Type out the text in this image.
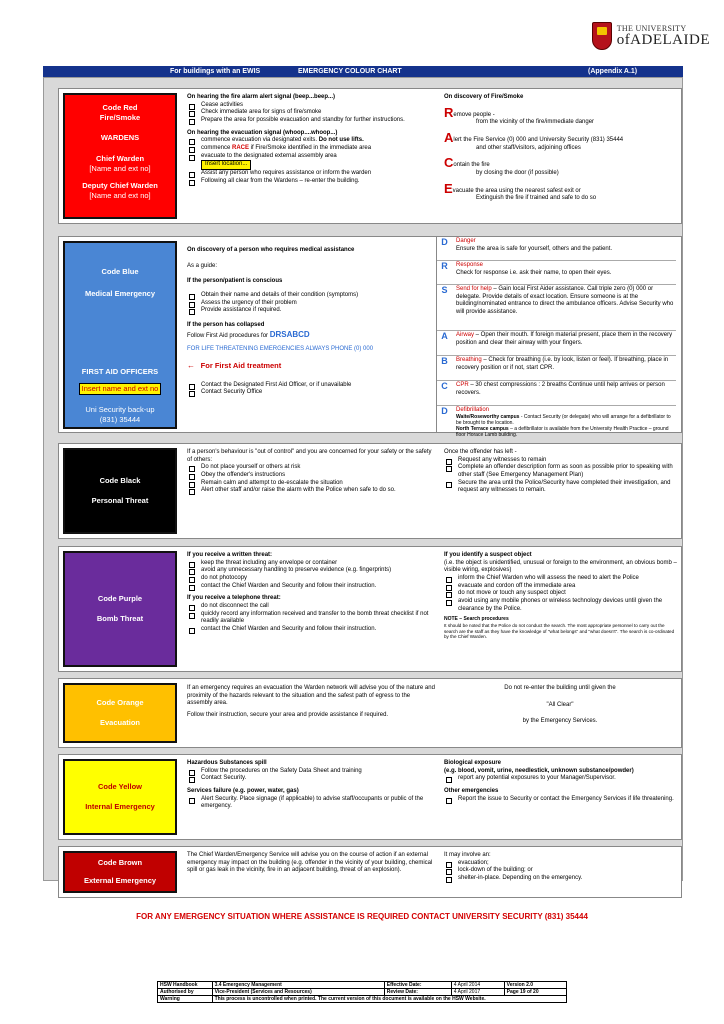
THE UNIVERSITY
ofADELAIDE
For buildings with an EWIS	EMERGENCY COLOUR CHART	(Appendix A.1)
Code Red
Fire/Smoke
WARDENS
Chief Warden
[Name and ext no]
Deputy Chief Warden
[Name and ext no]
On hearing the fire alarm alert signal (beep...beep...)
Cease activities
Check immediate area for signs of fire/smoke
Prepare the area for possible evacuation and standby for further instructions.
On hearing the evacuation signal (whoop....whoop...)
commence evacuation via designated exits. Do not use lifts.
commence RACE if Fire/Smoke identified in the immediate area
evacuate to the designated external assembly area
Insert location...
Assist any person who requires assistance or inform the warden
Following all clear from the Wardens – re-enter the building.
On discovery of Fire/Smoke
Remove people -
from the vicinity of the fire/immediate danger
Alert the Fire Service (0) 000 and University Security (831) 35444
and other staff/visitors, adjoining offices
Contain the fire
by closing the door (if possible)
Evacuate the area using the nearest safest exit or
Extinguish the fire if trained and safe to do so
Code Blue
Medical Emergency
FIRST AID OFFICERS
Insert name and ext no
Uni Security back-up
(831) 35444
On discovery of a person who requires medical assistance
As a guide:
If the person/patient is conscious
Obtain their name and details of their condition (symptoms)
Assess the urgency of their problem
Provide assistance if required.
If the person has collapsed
Follow First Aid procedures for DRSABCD
FOR LIFE THREATENING EMERGENCIES ALWAYS PHONE (0) 000
← For First Aid treatment
Contact the Designated First Aid Officer, or if unavailable
Contact Security Office
D	Danger
Ensure the area is safe for yourself, others and the patient.
R	Response
Check for response i.e. ask their name, to open their eyes.
S	Send for help – Gain local First Aider assistance. Call triple zero (0) 000 or delegate. Provide details of exact location. Ensure someone is at the building/nominated entrance to direct the ambulance officers. Advise Security who will provide assistance.
A	Airway – Open their mouth. If foreign material present, place them in the recovery position and clear their airway with your fingers.
B	Breathing – Check for breathing (i.e. by look, listen or feel). If breathing, place in recovery position or if not, start CPR.
C	CPR – 30 chest compressions : 2 breaths Continue until help arrives or person recovers.
D	Defibrillation
Waite/Roseworthy campus - Contact Security (or delegate) who will arrange for a defibrillator to be brought to the location.
North Terrace campus – a defibrillator is available from the University Health Practice – ground floor Horace Lamb building.
Code Black
Personal Threat
If a person's behaviour is "out of control" and you are concerned for your safety or the safety of others:
Do not place yourself or others at risk
Obey the offender's instructions
Remain calm and attempt to de-escalate the situation
Alert other staff and/or raise the alarm with the Police when safe to do so.
Once the offender has left -
Request any witnesses to remain
Complete an offender description form as soon as possible prior to speaking with other staff (See Emergency Management Plan)
Secure the area until the Police/Security have completed their investigation, and request any witnesses to remain.
Code Purple
Bomb Threat
If you receive a written threat:
keep the threat including any envelope or container
avoid any unnecessary handling to preserve evidence (e.g. fingerprints)
do not photocopy
contact the Chief Warden and Security and follow their instruction.
If you receive a telephone threat:
do not disconnect the call
quickly record any information received and transfer to the bomb threat checklist if not readily available
contact the Chief Warden and Security and follow their instruction.
If you identify a suspect object
(i.e. the object is unidentified, unusual or foreign to the environment, an obvious bomb – visible wiring, explosives)
inform the Chief Warden who will assess the need to alert the Police
evacuate and cordon off the immediate area
do not move or touch any suspect object
avoid using any mobile phones or wireless technology devices until given the clearance by the Police.
NOTE – Search procedures
It should be noted that the Police do not conduct the search. The most appropriate personnel to carry out the search are the staff as they have the knowledge of "what belongs" and "what doesn't". The search is co-ordinated by the Chief Warden.
Code Orange
Evacuation
If an emergency requires an evacuation the Warden network will advise you of the nature and proximity of the hazards relevant to the situation and the safest path of egress to the assembly area.
Follow their instruction, secure your area and provide assistance if required.
Do not re-enter the building until given the
"All Clear"
by the Emergency Services.
Code Yellow
Internal Emergency
Hazardous Substances spill
Follow the procedures on the Safety Data Sheet and training
Contact Security.
Services failure (e.g. power, water, gas)
Alert Security. Place signage (if applicable) to advise staff/occupants or public of the emergency.
Biological exposure
(e.g. blood, vomit, urine, needlestick, unknown substance/powder)
report any potential exposures to your Manager/Supervisor.
Other emergencies
Report the issue to Security or contact the Emergency Services if life threatening.
Code Brown
External Emergency
The Chief Warden/Emergency Service will advise you on the course of action if an external emergency may impact on the building (e.g. offender in the vicinity of your building, chemical spill or gas leak in the vicinity, fire in an adjacent building, threat of an explosion).
It may involve an:
evacuation;
lock-down of the building; or
shelter-in-place. Depending on the emergency.
FOR ANY EMERGENCY SITUATION WHERE ASSISTANCE IS REQUIRED CONTACT UNIVERSITY SECURITY (831) 35444
HSW Handbook	3.4 Emergency Management	Effective Date:	4 April 2014	Version 2.0
Authorised by	Vice-President (Services and Resources)	Review Date:	4 April 2017	Page 19 of 20
Warning	This process is uncontrolled when printed. The current version of this document is available on the HSW Website.			
